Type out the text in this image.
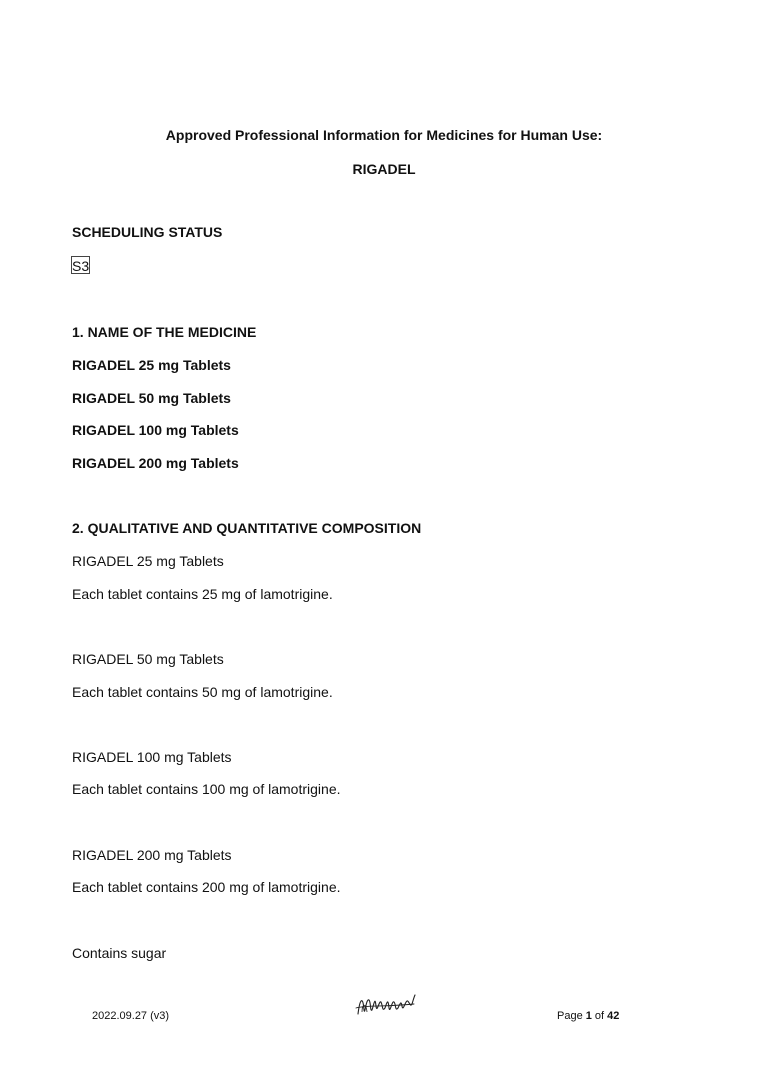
Approved Professional Information for Medicines for Human Use:
RIGADEL
SCHEDULING STATUS
S3
1. NAME OF THE MEDICINE
RIGADEL 25 mg Tablets
RIGADEL 50 mg Tablets
RIGADEL 100 mg Tablets
RIGADEL 200 mg Tablets
2. QUALITATIVE AND QUANTITATIVE COMPOSITION
RIGADEL 25 mg Tablets
Each tablet contains 25 mg of lamotrigine.
RIGADEL 50 mg Tablets
Each tablet contains 50 mg of lamotrigine.
RIGADEL 100 mg Tablets
Each tablet contains 100 mg of lamotrigine.
RIGADEL 200 mg Tablets
Each tablet contains 200 mg of lamotrigine.
Contains sugar
2022.09.27 (v3)	Page 1 of 42
